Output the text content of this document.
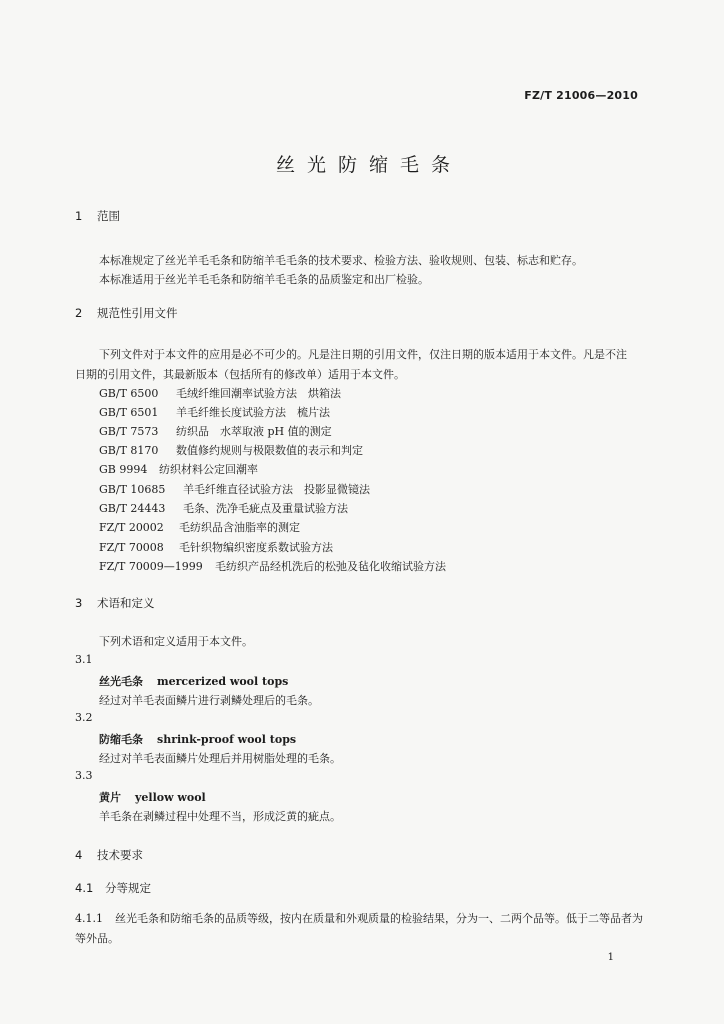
FZ/T 21006—2010
丝光防缩毛条
1 范围
本标准规定了丝光羊毛毛条和防缩羊毛毛条的技术要求、检验方法、验收规则、包装、标志和贮存。
本标准适用于丝光羊毛毛条和防缩羊毛毛条的品质鉴定和出厂检验。
2 规范性引用文件
下列文件对于本文件的应用是必不可少的。凡是注日期的引用文件，仅注日期的版本适用于本文件。凡是不注日期的引用文件，其最新版本（包括所有的修改单）适用于本文件。
GB/T 6500 毛绒纤维回潮率试验方法　烘箱法
GB/T 6501 羊毛纤维长度试验方法　梳片法
GB/T 7573 纺织品　水萃取液 pH 值的测定
GB/T 8170 数值修约规则与极限数值的表示和判定
GB 9994 纺织材料公定回潮率
GB/T 10685 羊毛纤维直径试验方法　投影显微镜法
GB/T 24443 毛条、洗净毛疵点及重量试验方法
FZ/T 20002 毛纺织品含油脂率的测定
FZ/T 70008 毛针织物编织密度系数试验方法
FZ/T 70009—1999 毛纺织产品经机洗后的松弛及毡化收缩试验方法
3 术语和定义
下列术语和定义适用于本文件。
3.1
丝光毛条 mercerized wool tops
经过对羊毛表面鳞片进行剥鳞处理后的毛条。
3.2
防缩毛条 shrink-proof wool tops
经过对羊毛表面鳞片处理后并用树脂处理的毛条。
3.3
黄片 yellow wool
羊毛条在剥鳞过程中处理不当，形成泛黄的疵点。
4 技术要求
4.1 分等规定
4.1.1 丝光毛条和防缩毛条的品质等级，按内在质量和外观质量的检验结果，分为一、二两个品等。低于二等品者为等外品。
1
